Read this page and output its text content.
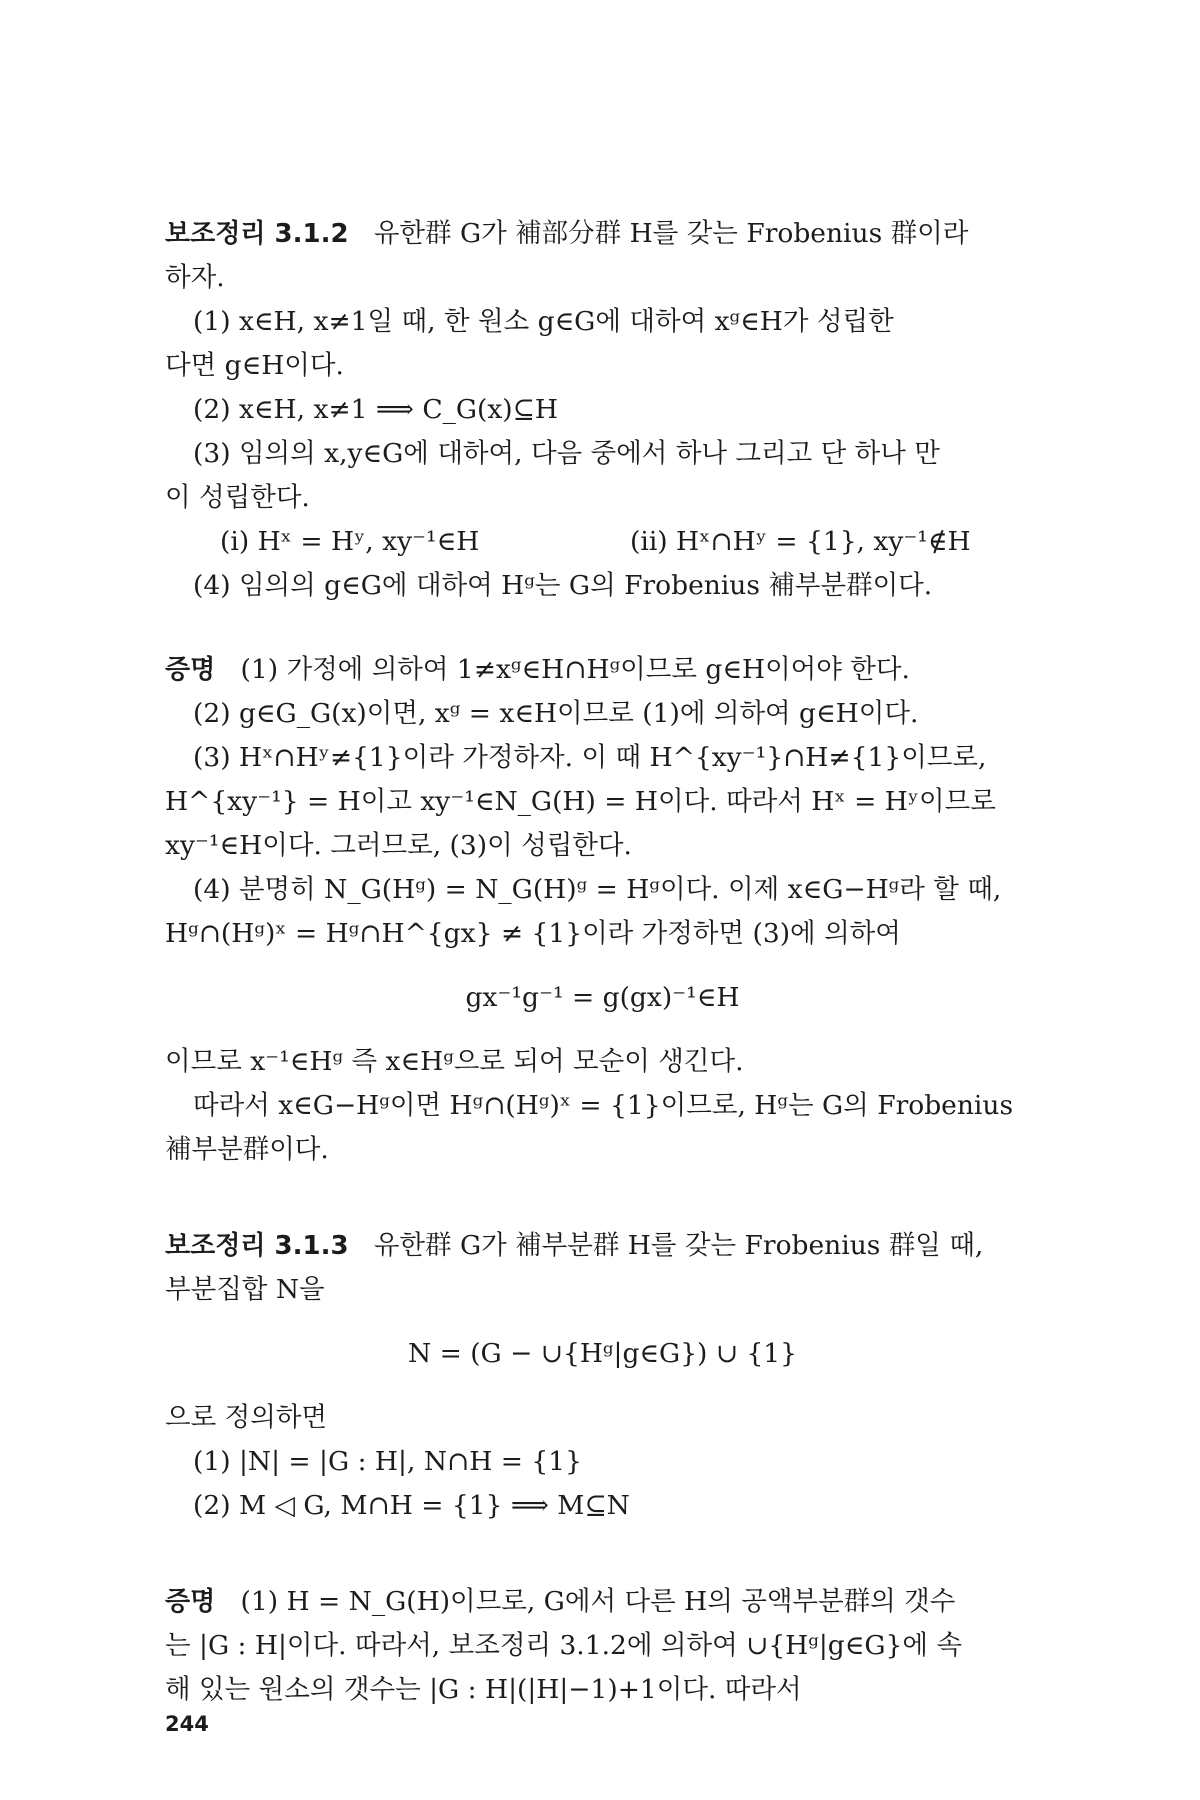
보조정리 3.1.2 유한群 G가 補部分群 H를 갖는 Frobenius 群이라
하자.
(1) x∈H, x≠1일 때, 한 원소 g∈G에 대하여 xᵍ∈H가 성립한
다면 g∈H이다.
(2) x∈H, x≠1 ⟹ C_G(x)⊆H
(3) 임의의 x,y∈G에 대하여, 다음 중에서 하나 그리고 단 하나 만
이 성립한다.
(i) Hˣ = Hʸ, xy⁻¹∈H	(ii) Hˣ∩Hʸ = {1}, xy⁻¹∉H
(4) 임의의 g∈G에 대하여 Hᵍ는 G의 Frobenius 補부분群이다.
증명 (1) 가정에 의하여 1≠xᵍ∈H∩Hᵍ이므로 g∈H이어야 한다.
(2) g∈G_G(x)이면, xᵍ = x∈H이므로 (1)에 의하여 g∈H이다.
(3) Hˣ∩Hʸ≠{1}이라 가정하자. 이 때 H^{xy⁻¹}∩H≠{1}이므로,
H^{xy⁻¹} = H이고 xy⁻¹∈N_G(H) = H이다. 따라서 Hˣ = Hʸ이므로
xy⁻¹∈H이다. 그러므로, (3)이 성립한다.
(4) 분명히 N_G(Hᵍ) = N_G(H)ᵍ = Hᵍ이다. 이제 x∈G−Hᵍ라 할 때,
Hᵍ∩(Hᵍ)ˣ = Hᵍ∩H^{gx} ≠ {1}이라 가정하면 (3)에 의하여
gx⁻¹g⁻¹ = g(gx)⁻¹∈H
이므로 x⁻¹∈Hᵍ 즉 x∈Hᵍ으로 되어 모순이 생긴다.
따라서 x∈G−Hᵍ이면 Hᵍ∩(Hᵍ)ˣ = {1}이므로, Hᵍ는 G의 Frobenius
補부분群이다.
보조정리 3.1.3 유한群 G가 補부분群 H를 갖는 Frobenius 群일 때,
부분집합 N을
N = (G − ∪{Hᵍ|g∈G}) ∪ {1}
으로 정의하면
(1) |N| = |G : H|, N∩H = {1}
(2) M ◁ G, M∩H = {1} ⟹ M⊆N
증명 (1) H = N_G(H)이므로, G에서 다른 H의 공액부분群의 갯수
는 |G : H|이다. 따라서, 보조정리 3.1.2에 의하여 ∪{Hᵍ|g∈G}에 속
해 있는 원소의 갯수는 |G : H|(|H|−1)+1이다. 따라서
244
